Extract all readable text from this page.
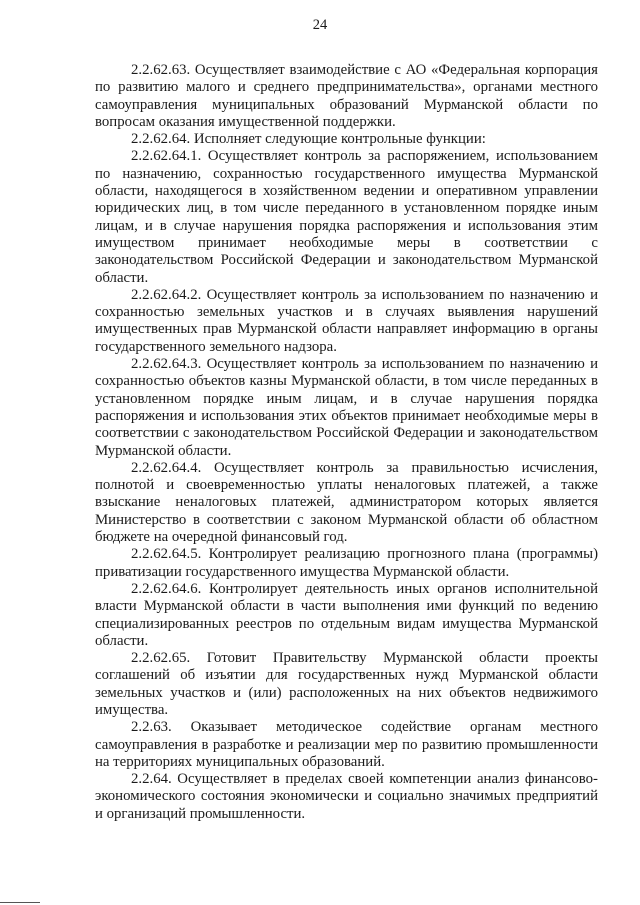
24

2.2.62.63. Осуществляет взаимодействие с АО «Федеральная корпорация по развитию малого и среднего предпринимательства», органами местного самоуправления муниципальных образований Мурманской области по вопросам оказания имущественной поддержки.

2.2.62.64. Исполняет следующие контрольные функции:

2.2.62.64.1. Осуществляет контроль за распоряжением, использованием по назначению, сохранностью государственного имущества Мурманской области, находящегося в хозяйственном ведении и оперативном управлении юридических лиц, в том числе переданного в установленном порядке иным лицам, и в случае нарушения порядка распоряжения и использования этим имуществом принимает необходимые меры в соответствии с законодательством Российской Федерации и законодательством Мурманской области.

2.2.62.64.2. Осуществляет контроль за использованием по назначению и сохранностью земельных участков и в случаях выявления нарушений имущественных прав Мурманской области направляет информацию в органы государственного земельного надзора.

2.2.62.64.3. Осуществляет контроль за использованием по назначению и сохранностью объектов казны Мурманской области, в том числе переданных в установленном порядке иным лицам, и в случае нарушения порядка распоряжения и использования этих объектов принимает необходимые меры в соответствии с законодательством Российской Федерации и законодательством Мурманской области.

2.2.62.64.4. Осуществляет контроль за правильностью исчисления, полнотой и своевременностью уплаты неналоговых платежей, а также взыскание неналоговых платежей, администратором которых является Министерство в соответствии с законом Мурманской области об областном бюджете на очередной финансовый год.

2.2.62.64.5. Контролирует реализацию прогнозного плана (программы) приватизации государственного имущества Мурманской области.

2.2.62.64.6. Контролирует деятельность иных органов исполнительной власти Мурманской области в части выполнения ими функций по ведению специализированных реестров по отдельным видам имущества Мурманской области.

2.2.62.65. Готовит Правительству Мурманской области проекты соглашений об изъятии для государственных нужд Мурманской области земельных участков и (или) расположенных на них объектов недвижимого имущества.

2.2.63. Оказывает методическое содействие органам местного самоуправления в разработке и реализации мер по развитию промышленности на территориях муниципальных образований.

2.2.64. Осуществляет в пределах своей компетенции анализ финансово-экономического состояния экономически и социально значимых предприятий и организаций промышленности.
